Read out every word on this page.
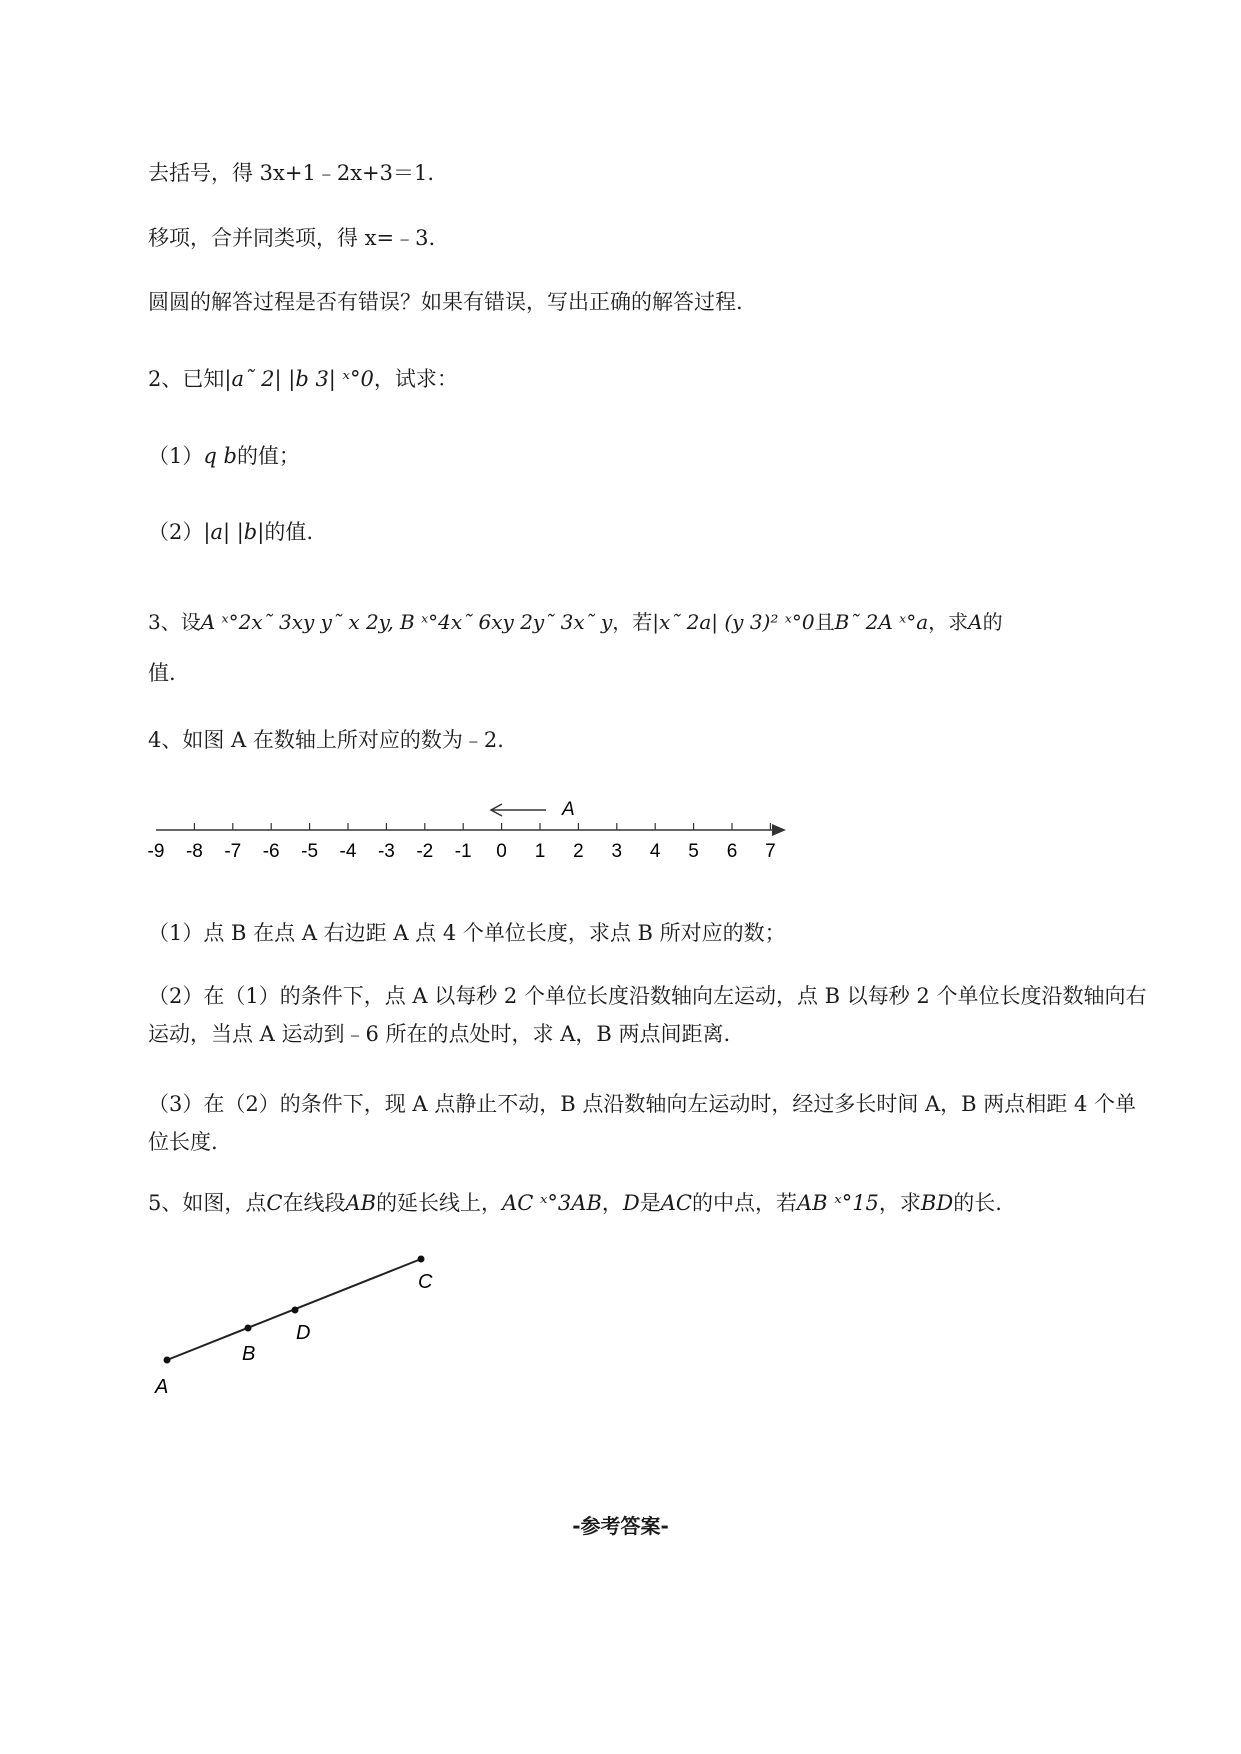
去括号，得 3x+1﹣2x+3＝1.
移项，合并同类项，得 x=﹣3.
圆圆的解答过程是否有错误？如果有错误，写出正确的解答过程.
2、已知|a˜ 2| |b 3| ˣ°0，试求：
（1）q b的值；
（2）|a| |b|的值.
3、设A ˣ°2x˜ 3xy y˜ x 2y, B ˣ°4x˜ 6xy 2y˜ 3x˜ y，若|x˜ 2a| (y 3)² ˣ°0且B˜ 2A ˣ°a，求A的
值.
4、如图 A 在数轴上所对应的数为﹣2.
-9 -8 -7 -6 -5 -4 -3 -2 -1 0 1 2 3 4 5 6 7
A
（1）点 B 在点 A 右边距 A 点 4 个单位长度，求点 B 所对应的数；
（2）在（1）的条件下，点 A 以每秒 2 个单位长度沿数轴向左运动，点 B 以每秒 2 个单位长度沿数轴向右运动，当点 A 运动到﹣6 所在的点处时，求 A，B 两点间距离.
（3）在（2）的条件下，现 A 点静止不动，B 点沿数轴向左运动时，经过多长时间 A，B 两点相距 4 个单位长度.
5、如图，点C在线段AB的延长线上，AC ˣ°3AB，D是AC的中点，若AB ˣ°15，求BD的长.
A
B
D
C
-参考答案-
